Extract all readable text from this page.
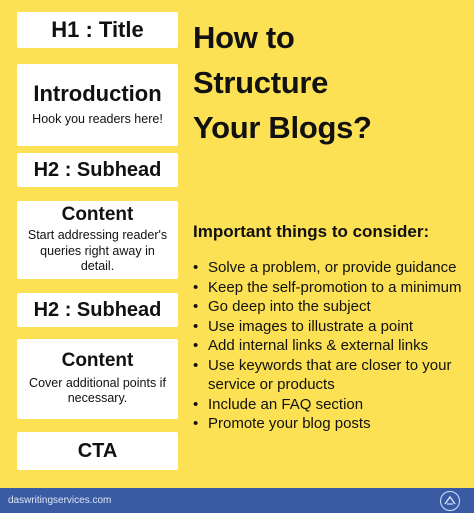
H1 : Title
Introduction
Hook you readers here!
H2 : Subhead
Content
Start addressing reader's queries right away in detail.
H2 : Subhead
Content
Cover additional points if necessary.
CTA
How to
Structure
Your Blogs?
Important things to consider:
• Solve a problem, or provide guidance
• Keep the self-promotion to a minimum
• Go deep into the subject
• Use images to illustrate a point
• Add internal links & external links
• Use keywords that are closer to your service or products
• Include an FAQ section
• Promote your blog posts
daswritingservices.com
